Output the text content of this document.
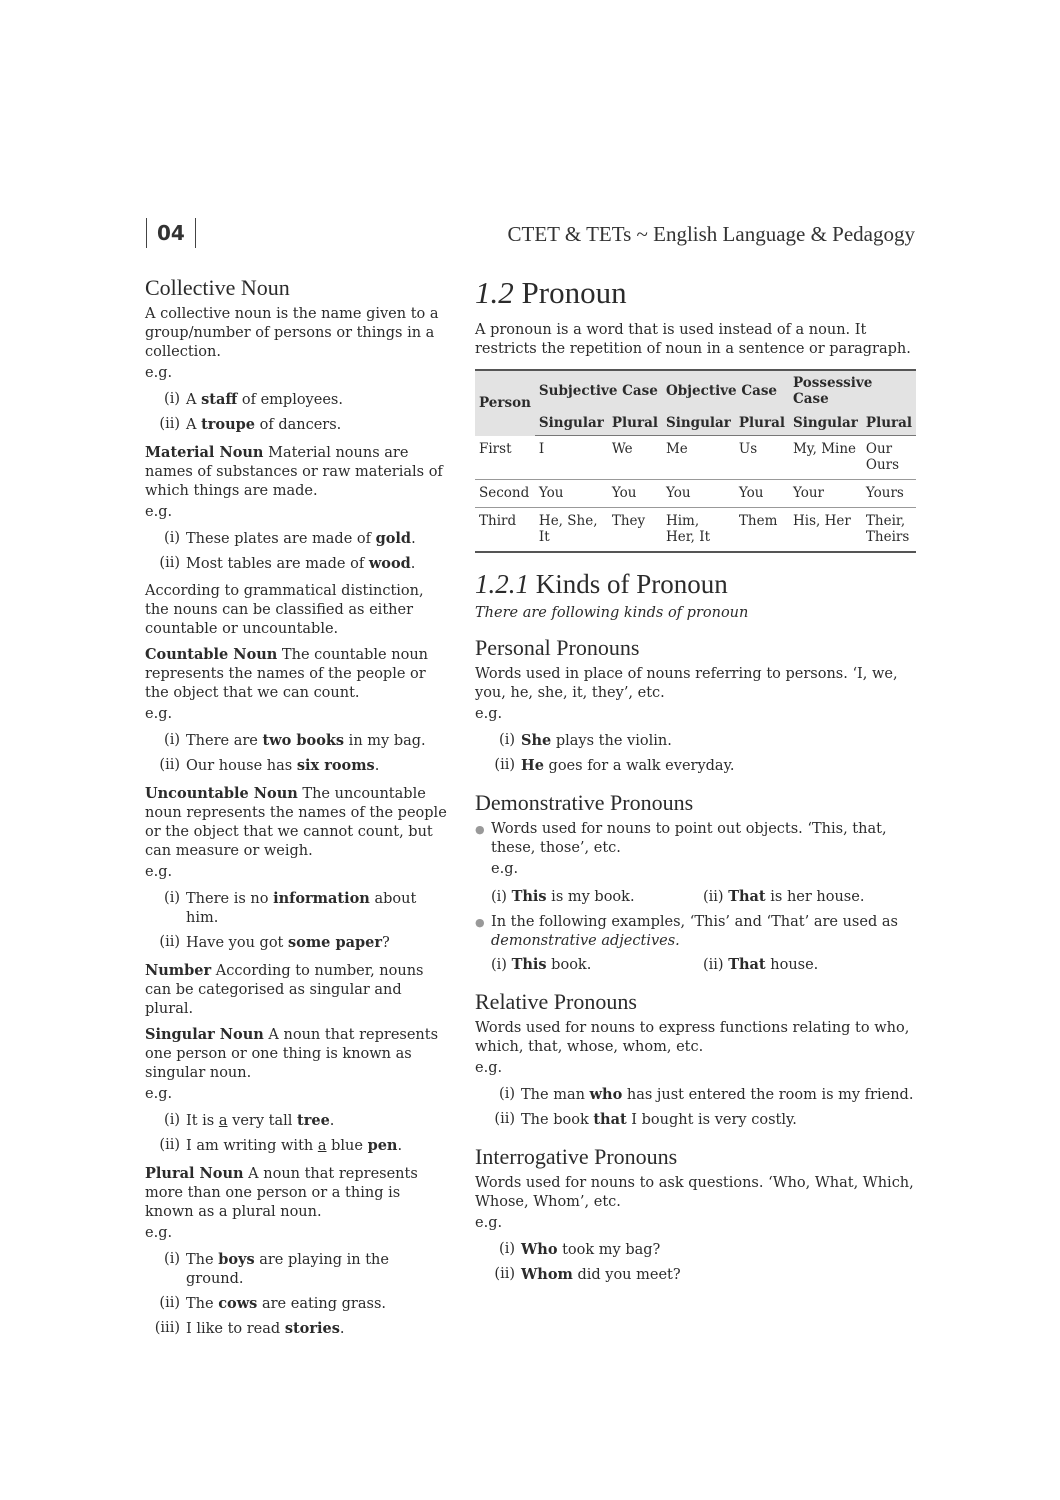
04	CTET & TETs ~ English Language & Pedagogy
Collective Noun

A collective noun is the name given to a group/number of persons or things in a collection.

e.g.

(i) A staff of employees.
(ii) A troupe of dancers.

Material Noun Material nouns are names of substances or raw materials of which things are made.

e.g.

(i) These plates are made of gold.
(ii) Most tables are made of wood.

According to grammatical distinction, the nouns can be classified as either countable or uncountable.

Countable Noun The countable noun represents the names of the people or the object that we can count.

e.g.

(i) There are two books in my bag.
(ii) Our house has six rooms.

Uncountable Noun The uncountable noun represents the names of the people or the object that we cannot count, but can measure or weigh.

e.g.

(i) There is no information about him.
(ii) Have you got some paper?

Number According to number, nouns can be categorised as singular and plural.

Singular Noun A noun that represents one person or one thing is known as singular noun.

e.g.

(i) It is a very tall tree.
(ii) I am writing with a blue pen.

Plural Noun A noun that represents more than one person or a thing is known as a plural noun.

e.g.

(i) The boys are playing in the ground.
(ii) The cows are eating grass.
(iii) I like to read stories.
1.2 Pronoun

A pronoun is a word that is used instead of a noun. It restricts the repetition of noun in a sentence or paragraph.

Person	Subjective Case		Objective Case		Possessive Case	
	Singular	Plural	Singular	Plural	Singular	Plural
First	I	We	Me	Us	My, Mine	Our Ours
Second	You	You	You	You	Your	Yours
Third	He, She, It	They	Him, Her, It	Them	His, Her	Their, Theirs
1.2.1 Kinds of Pronoun

There are following kinds of pronoun

Personal Pronouns

Words used in place of nouns referring to persons. ‘I, we, you, he, she, it, they’, etc.

e.g.

(i) She plays the violin.
(ii) He goes for a walk everyday.
Demonstrative Pronouns
● Words used for nouns to point out objects. ‘This, that, these, those’, etc.

e.g.

(i) This is my book.	(ii) That is her house.
● In the following examples, ‘This’ and ‘That’ are used as demonstrative adjectives.
(i) This book.	(ii) That house.
Relative Pronouns

Words used for nouns to express functions relating to who, which, that, whose, whom, etc.

e.g.

(i) The man who has just entered the room is my friend.
(ii) The book that I bought is very costly.
Interrogative Pronouns

Words used for nouns to ask questions. ‘Who, What, Which, Whose, Whom’, etc.

e.g.

(i) Who took my bag?
(ii) Whom did you meet?
